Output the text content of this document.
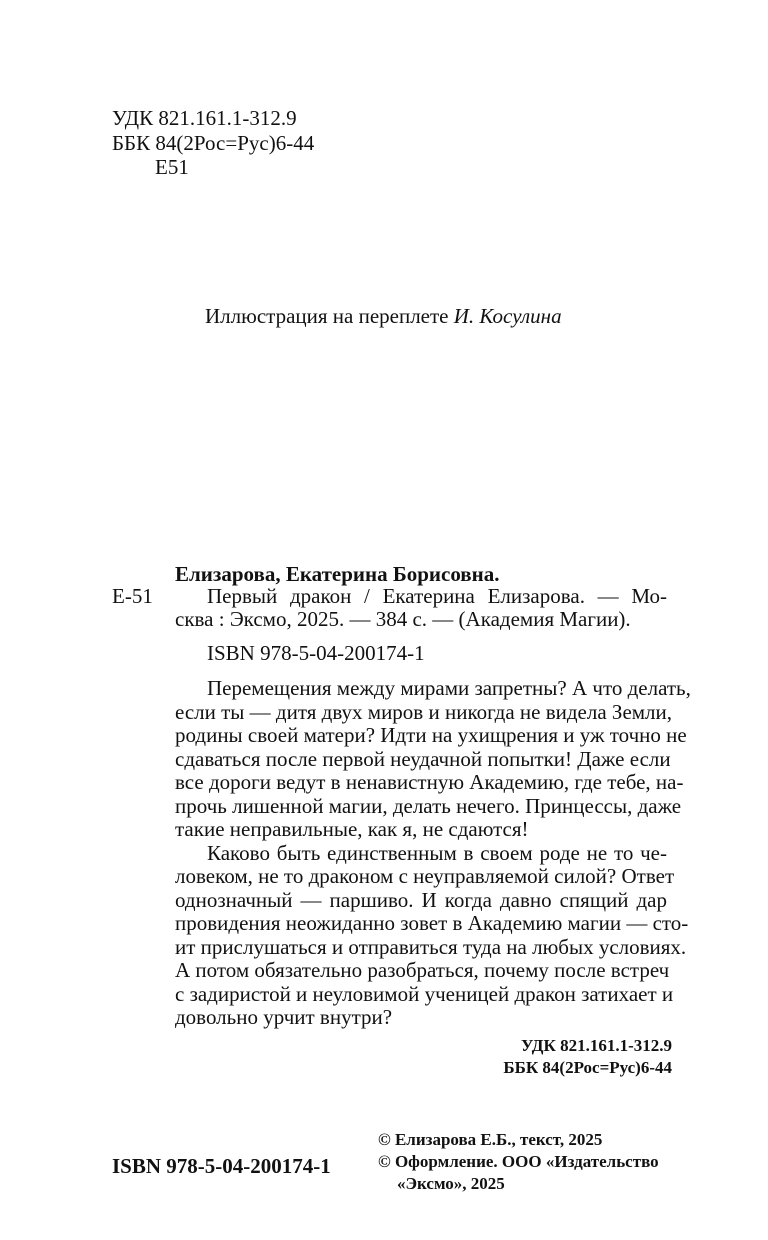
УДК 821.161.1-312.9
ББК 84(2Рос=Рус)6-44
Е51
Иллюстрация на переплете И. Косулина
Елизарова, Екатерина Борисовна.
Е-51	Первый дракон / Екатерина Елизарова. — Мо-
сква : Эксмо, 2025. — 384 с. — (Академия Магии).
ISBN 978-5-04-200174-1
Перемещения между мирами запретны? А что делать,
если ты — дитя двух миров и никогда не видела Земли,
родины своей матери? Идти на ухищрения и уж точно не
сдаваться после первой неудачной попытки! Даже если
все дороги ведут в ненавистную Академию, где тебе, на-
прочь лишенной магии, делать нечего. Принцессы, даже
такие неправильные, как я, не сдаются!
Каково быть единственным в своем роде не то че-
ловеком, не то драконом с неуправляемой силой? Ответ
однозначный — паршиво. И когда давно спящий дар
провидения неожиданно зовет в Академию магии — сто-
ит прислушаться и отправиться туда на любых условиях.
А потом обязательно разобраться, почему после встреч
с задиристой и неуловимой ученицей дракон затихает и
довольно урчит внутри?
УДК 821.161.1-312.9
ББК 84(2Рос=Рус)6-44
ISBN 978-5-04-200174-1
© Елизарова Е.Б., текст, 2025
© Оформление. ООО «Издательство
«Эксмо», 2025
